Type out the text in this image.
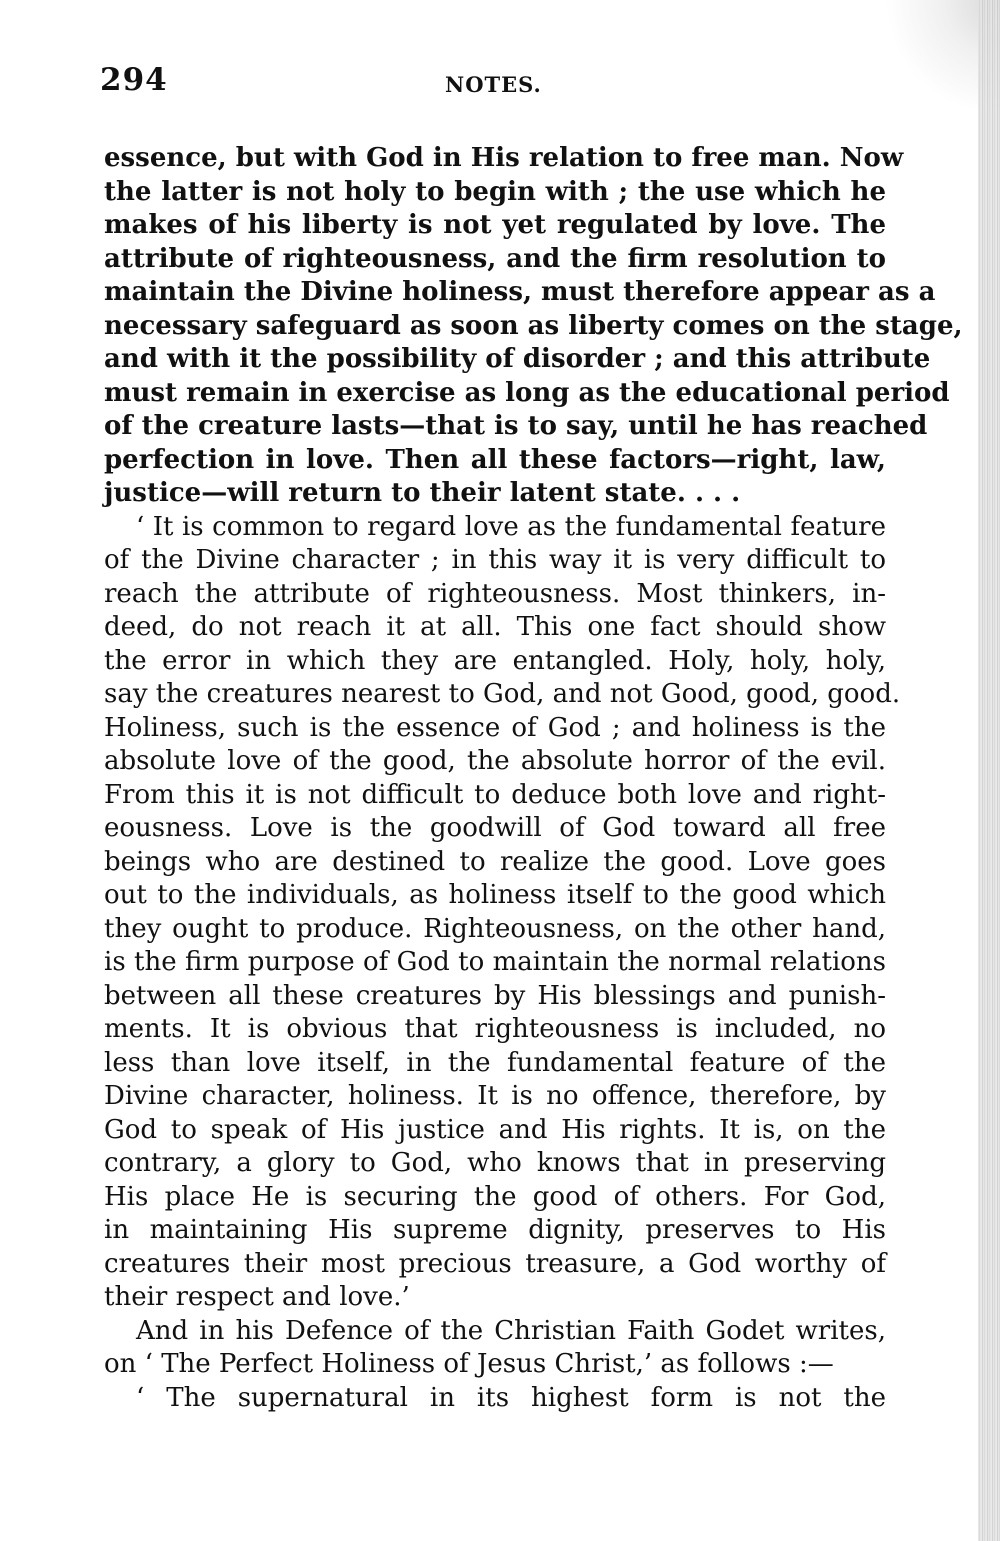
294	NOTES.
essence, but with God in His relation to free man. Now
the latter is not holy to begin with ; the use which he
makes of his liberty is not yet regulated by love. The
attribute of righteousness, and the firm resolution to
maintain the Divine holiness, must therefore appear as a
necessary safeguard as soon as liberty comes on the stage,
and with it the possibility of disorder ; and this attribute
must remain in exercise as long as the educational period
of the creature lasts—that is to say, until he has reached
perfection in love. Then all these factors—right, law,
justice—will return to their latent state. . . .
‘ It is common to regard love as the fundamental feature
of the Divine character ; in this way it is very difficult to
reach the attribute of righteousness. Most thinkers, in-
deed, do not reach it at all. This one fact should show
the error in which they are entangled. Holy, holy, holy,
say the creatures nearest to God, and not Good, good, good.
Holiness, such is the essence of God ; and holiness is the
absolute love of the good, the absolute horror of the evil.
From this it is not difficult to deduce both love and right-
eousness. Love is the goodwill of God toward all free
beings who are destined to realize the good. Love goes
out to the individuals, as holiness itself to the good which
they ought to produce. Righteousness, on the other hand,
is the firm purpose of God to maintain the normal relations
between all these creatures by His blessings and punish-
ments. It is obvious that righteousness is included, no
less than love itself, in the fundamental feature of the
Divine character, holiness. It is no offence, therefore, by
God to speak of His justice and His rights. It is, on the
contrary, a glory to God, who knows that in preserving
His place He is securing the good of others. For God,
in maintaining His supreme dignity, preserves to His
creatures their most precious treasure, a God worthy of
their respect and love.’
And in his Defence of the Christian Faith Godet writes,
on ‘ The Perfect Holiness of Jesus Christ,’ as follows :—
‘ The supernatural in its highest form is not the
